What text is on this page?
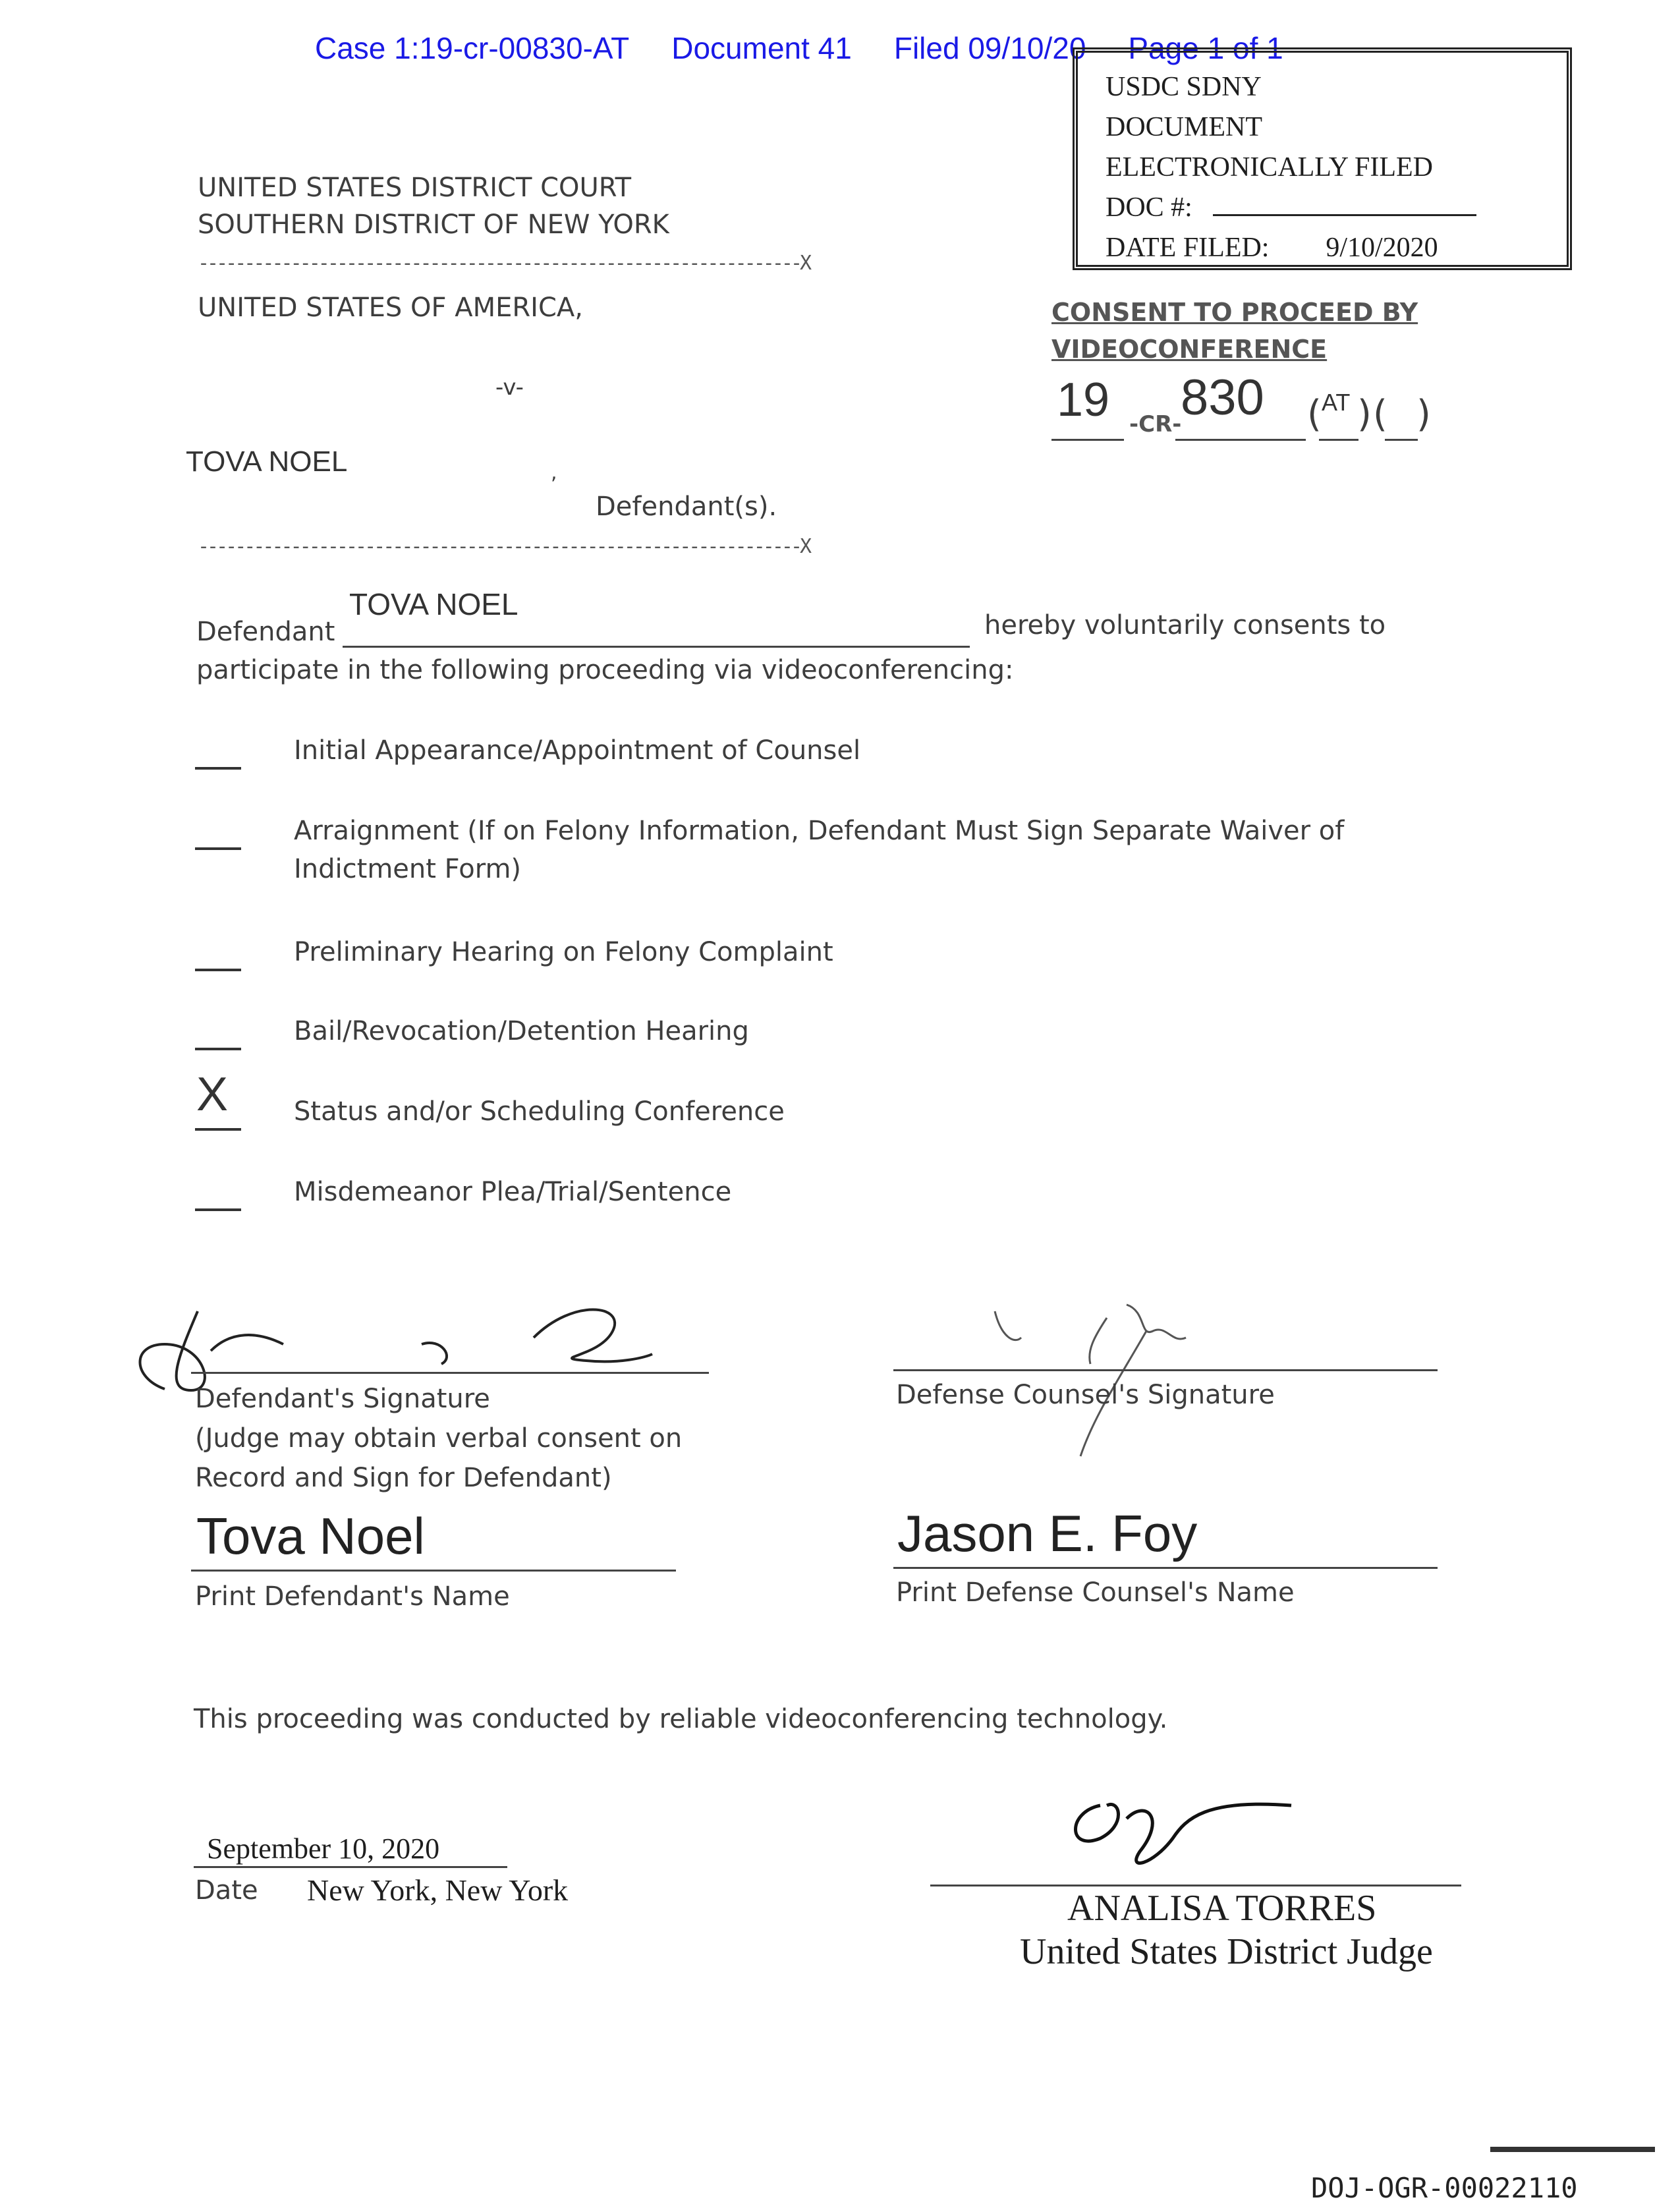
Case 1:19-cr-00830-AT Document 41 Filed 09/10/20 Page 1 of 1
USDC SDNY
DOCUMENT
ELECTRONICALLY FILED
DOC #:
DATE FILED: 9/10/2020
UNITED STATES DISTRICT COURT
SOUTHERN DISTRICT OF NEW YORK
-----------------------------------------------------------------X
UNITED STATES OF AMERICA,
-v-
TOVA NOEL	,
Defendant(s).
-----------------------------------------------------------------X
CONSENT TO PROCEED BY
VIDEOCONFERENCE
19 -CR-
830 ( AT ) ( )
Defendant
TOVA NOEL
hereby voluntarily consents to
participate in the following proceeding via videoconferencing:
Initial Appearance/Appointment of Counsel
Arraignment (If on Felony Information, Defendant Must Sign Separate Waiver of
Indictment Form)
Preliminary Hearing on Felony Complaint
Bail/Revocation/Detention Hearing
X Status and/or Scheduling Conference
Misdemeanor Plea/Trial/Sentence
Defendant's Signature
(Judge may obtain verbal consent on
Record and Sign for Defendant)
Tova Noel
Print Defendant's Name
Defense Counsel's Signature
Jason E. Foy
Print Defense Counsel's Name
This proceeding was conducted by reliable videoconferencing technology.
September 10, 2020
Date New York, New York	ANALISA TORRES
United States District Judge
DOJ-OGR-00022110
